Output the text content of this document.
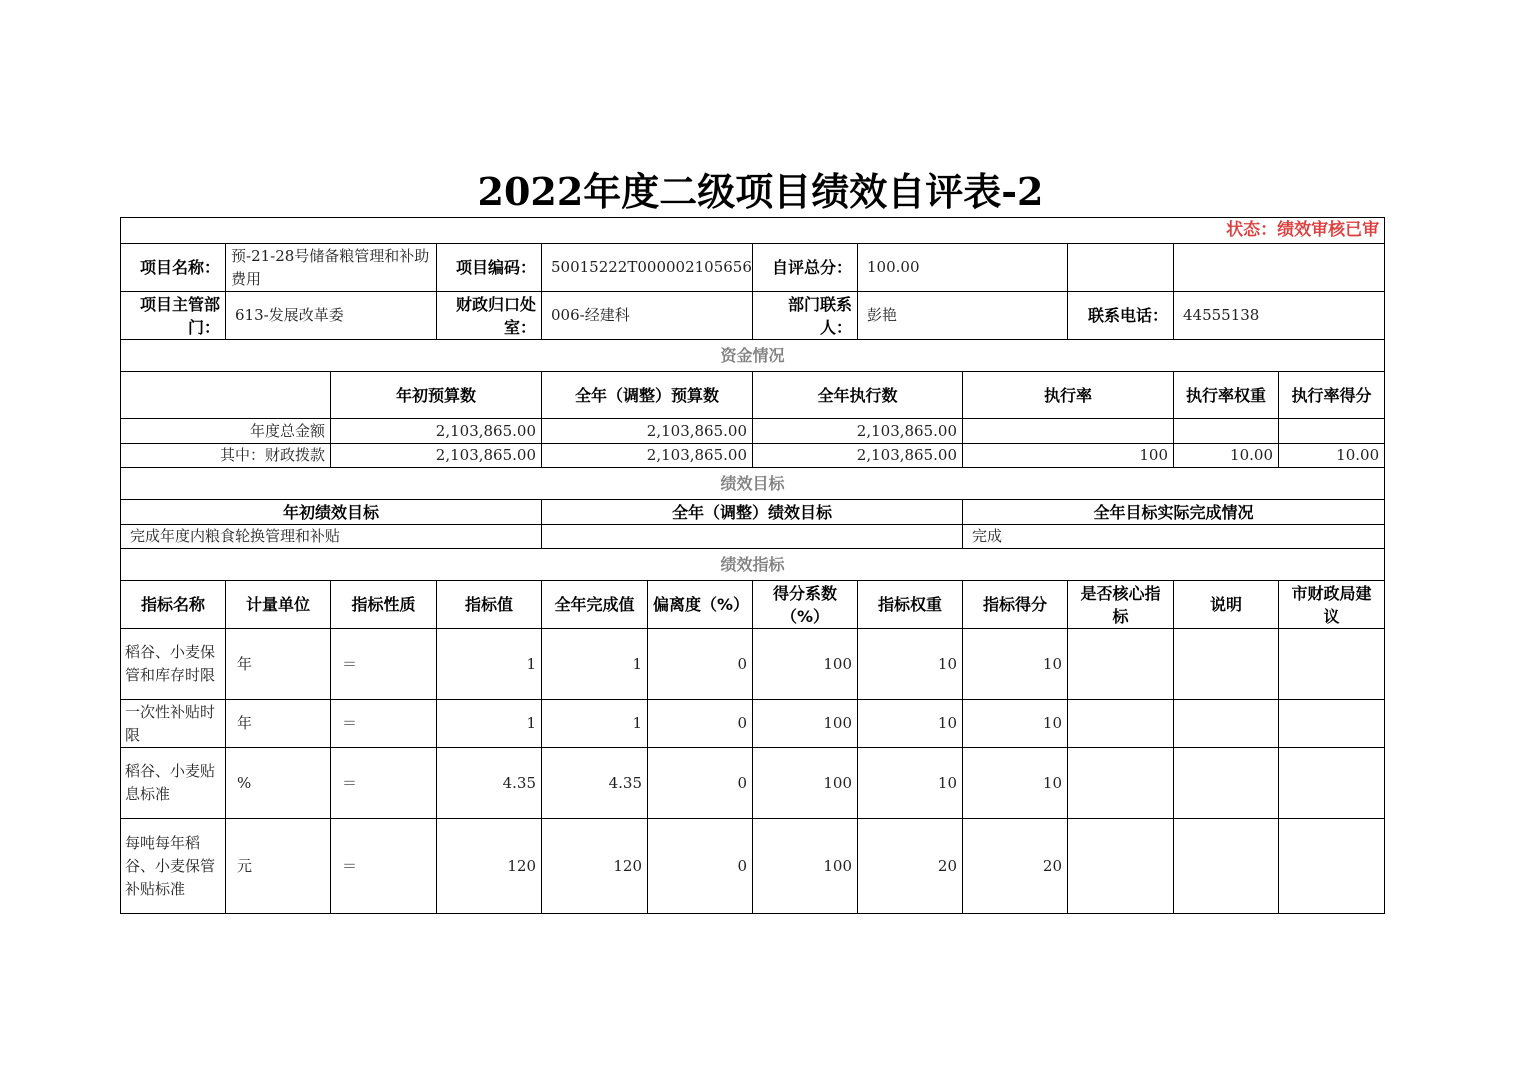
2022年度二级项目绩效自评表-2
状态：绩效审核已审											
项目名称：	预-21-28号储备粮管理和补助费用		项目编码：	50015222T000002105656		自评总分：	100.00				
项目主管部门：	613-发展改革委		财政归口处室：	006-经建科		部门联系人：	彭艳		联系电话：	44555138	
资金情况											
		年初预算数		全年（调整）预算数		全年执行数		执行率		执行率权重	执行率得分
年度总金额		2,103,865.00		2,103,865.00		2,103,865.00					
其中：财政拨款		2,103,865.00		2,103,865.00		2,103,865.00		100		10.00	10.00
绩效目标											
年初绩效目标				全年（调整）绩效目标				全年目标实际完成情况			
完成年度内粮食轮换管理和补贴								完成			
绩效指标											
指标名称	计量单位	指标性质	指标值	全年完成值	偏离度（%）	得分系数（%）	指标权重	指标得分	是否核心指标	说明	市财政局建议
稻谷、小麦保管和库存时限	年	＝	1	1	0	100	10	10			
一次性补贴时限	年	＝	1	1	0	100	10	10			
稻谷、小麦贴息标准	%	＝	4.35	4.35	0	100	10	10			
每吨每年稻谷、小麦保管补贴标准	元	＝	120	120	0	100	20	20			
